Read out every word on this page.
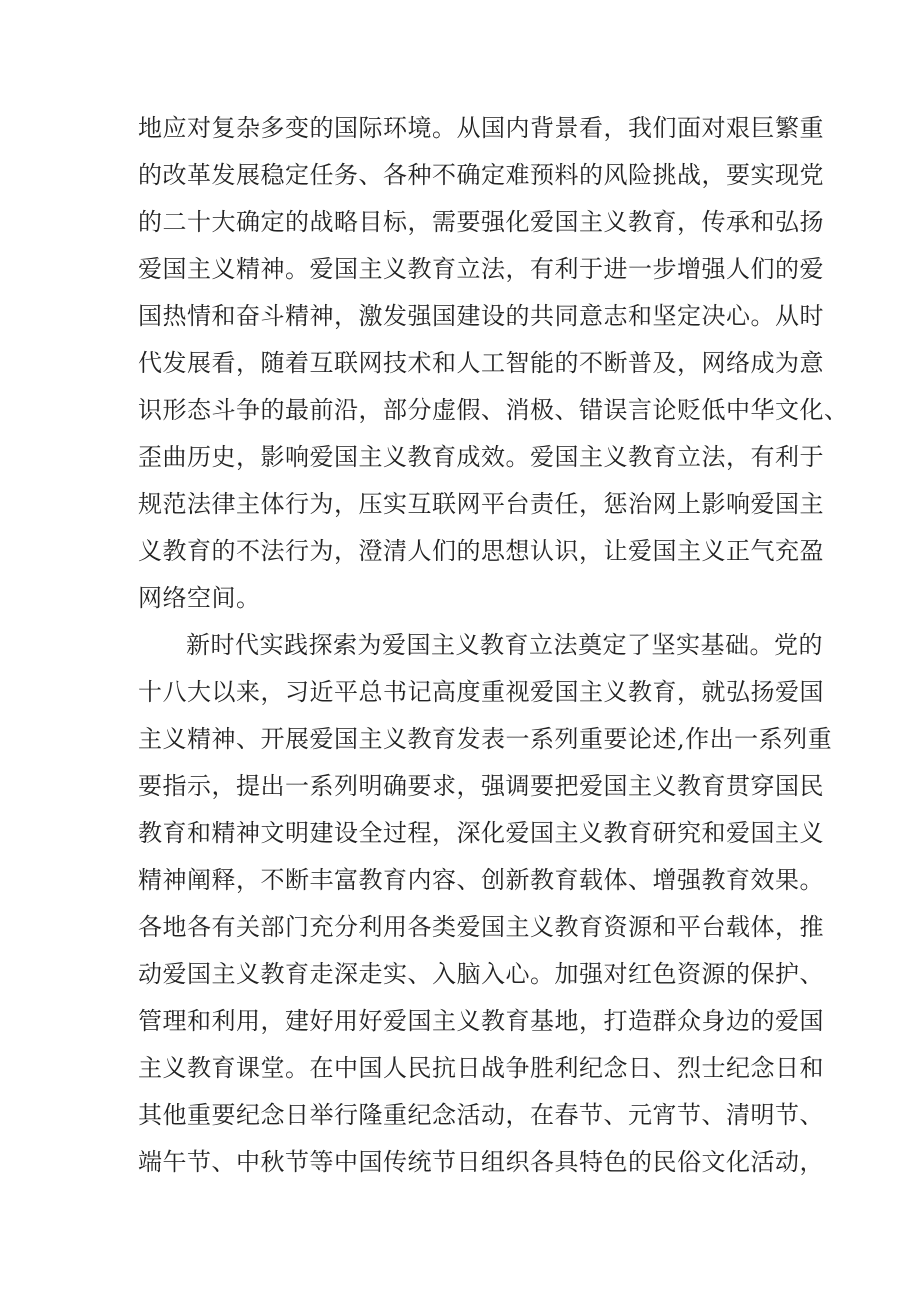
地应对复杂多变的国际环境。从国内背景看，我们面对艰巨繁重
的改革发展稳定任务、各种不确定难预料的风险挑战，要实现党
的二十大确定的战略目标，需要强化爱国主义教育，传承和弘扬
爱国主义精神。爱国主义教育立法，有利于进一步增强人们的爱
国热情和奋斗精神，激发强国建设的共同意志和坚定决心。从时
代发展看，随着互联网技术和人工智能的不断普及，网络成为意
识形态斗争的最前沿，部分虚假、消极、错误言论贬低中华文化、
歪曲历史，影响爱国主义教育成效。爱国主义教育立法，有利于
规范法律主体行为，压实互联网平台责任，惩治网上影响爱国主
义教育的不法行为，澄清人们的思想认识，让爱国主义正气充盈
网络空间。
新时代实践探索为爱国主义教育立法奠定了坚实基础。党的
十八大以来，习近平总书记高度重视爱国主义教育，就弘扬爱国
主义精神、开展爱国主义教育发表一系列重要论述,作出一系列重
要指示，提出一系列明确要求，强调要把爱国主义教育贯穿国民
教育和精神文明建设全过程，深化爱国主义教育研究和爱国主义
精神阐释，不断丰富教育内容、创新教育载体、增强教育效果。
各地各有关部门充分利用各类爱国主义教育资源和平台载体，推
动爱国主义教育走深走实、入脑入心。加强对红色资源的保护、
管理和利用，建好用好爱国主义教育基地，打造群众身边的爱国
主义教育课堂。在中国人民抗日战争胜利纪念日、烈士纪念日和
其他重要纪念日举行隆重纪念活动，在春节、元宵节、清明节、
端午节、中秋节等中国传统节日组织各具特色的民俗文化活动，
